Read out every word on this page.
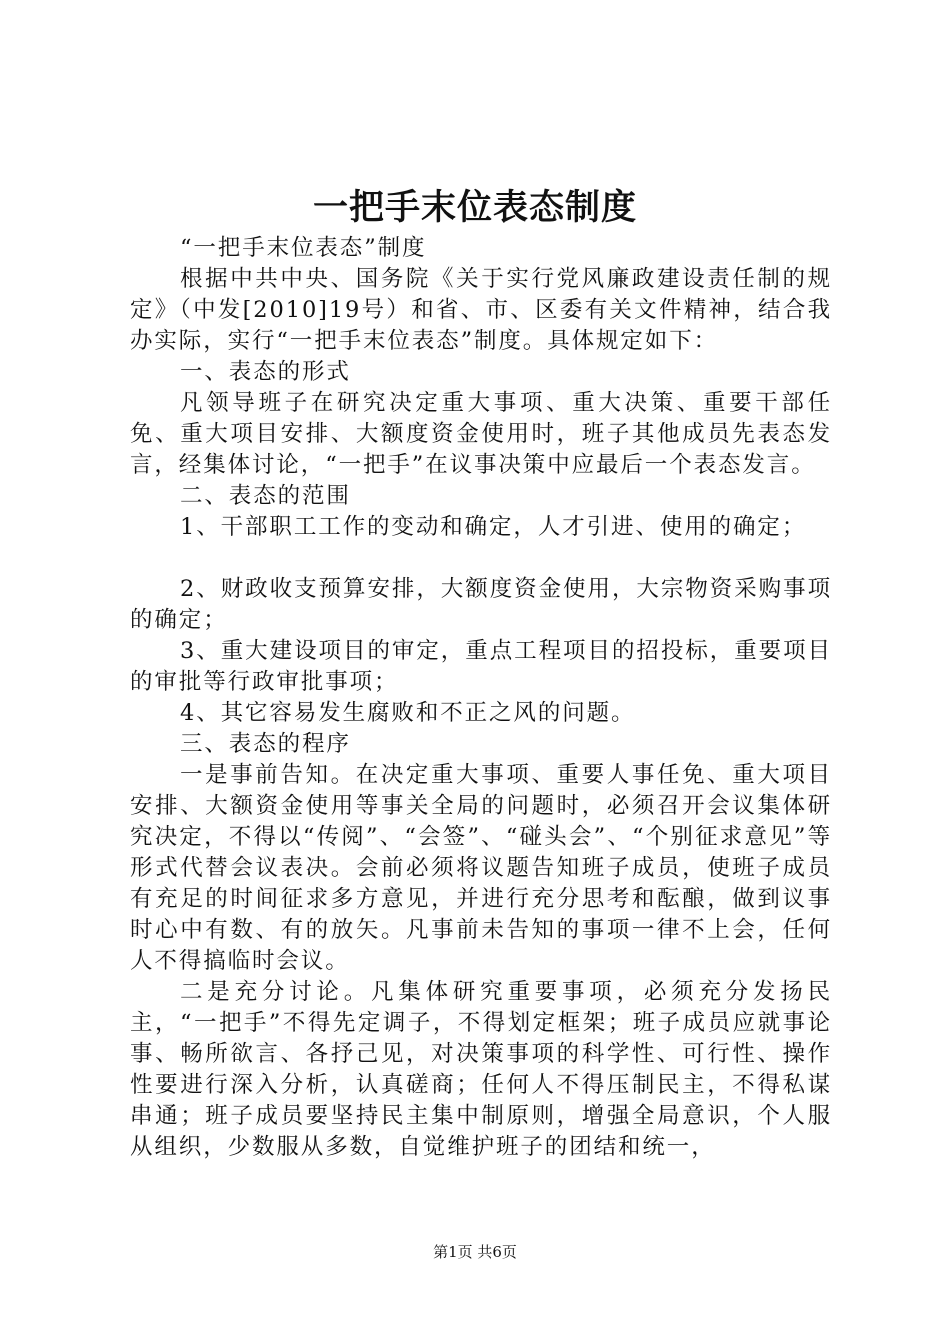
一把手末位表态制度

“一把手末位表态”制度

根据中共中央、国务院《关于实行党风廉政建设责任制的规定》（中发[2010]19号）和省、市、区委有关文件精神，结合我办实际，实行“一把手末位表态”制度。具体规定如下：

一、表态的形式

凡领导班子在研究决定重大事项、重大决策、重要干部任免、重大项目安排、大额度资金使用时，班子其他成员先表态发言，经集体讨论，“一把手”在议事决策中应最后一个表态发言。

二、表态的范围

1、干部职工工作的变动和确定，人才引进、使用的确定；

2、财政收支预算安排，大额度资金使用，大宗物资采购事项的确定；

3、重大建设项目的审定，重点工程项目的招投标，重要项目的审批等行政审批事项；

4、其它容易发生腐败和不正之风的问题。

三、表态的程序

一是事前告知。在决定重大事项、重要人事任免、重大项目安排、大额资金使用等事关全局的问题时，必须召开会议集体研究决定，不得以“传阅”、“会签”、“碰头会”、“个别征求意见”等形式代替会议表决。会前必须将议题告知班子成员，使班子成员有充足的时间征求多方意见，并进行充分思考和酝酿，做到议事时心中有数、有的放矢。凡事前未告知的事项一律不上会，任何人不得搞临时会议。

二是充分讨论。凡集体研究重要事项，必须充分发扬民主，“一把手”不得先定调子，不得划定框架；班子成员应就事论事、畅所欲言、各抒己见，对决策事项的科学性、可行性、操作性要进行深入分析，认真磋商；任何人不得压制民主，不得私谋串通；班子成员要坚持民主集中制原则，增强全局意识，个人服从组织，少数服从多数，自觉维护班子的团结和统一，

第1页 共6页
